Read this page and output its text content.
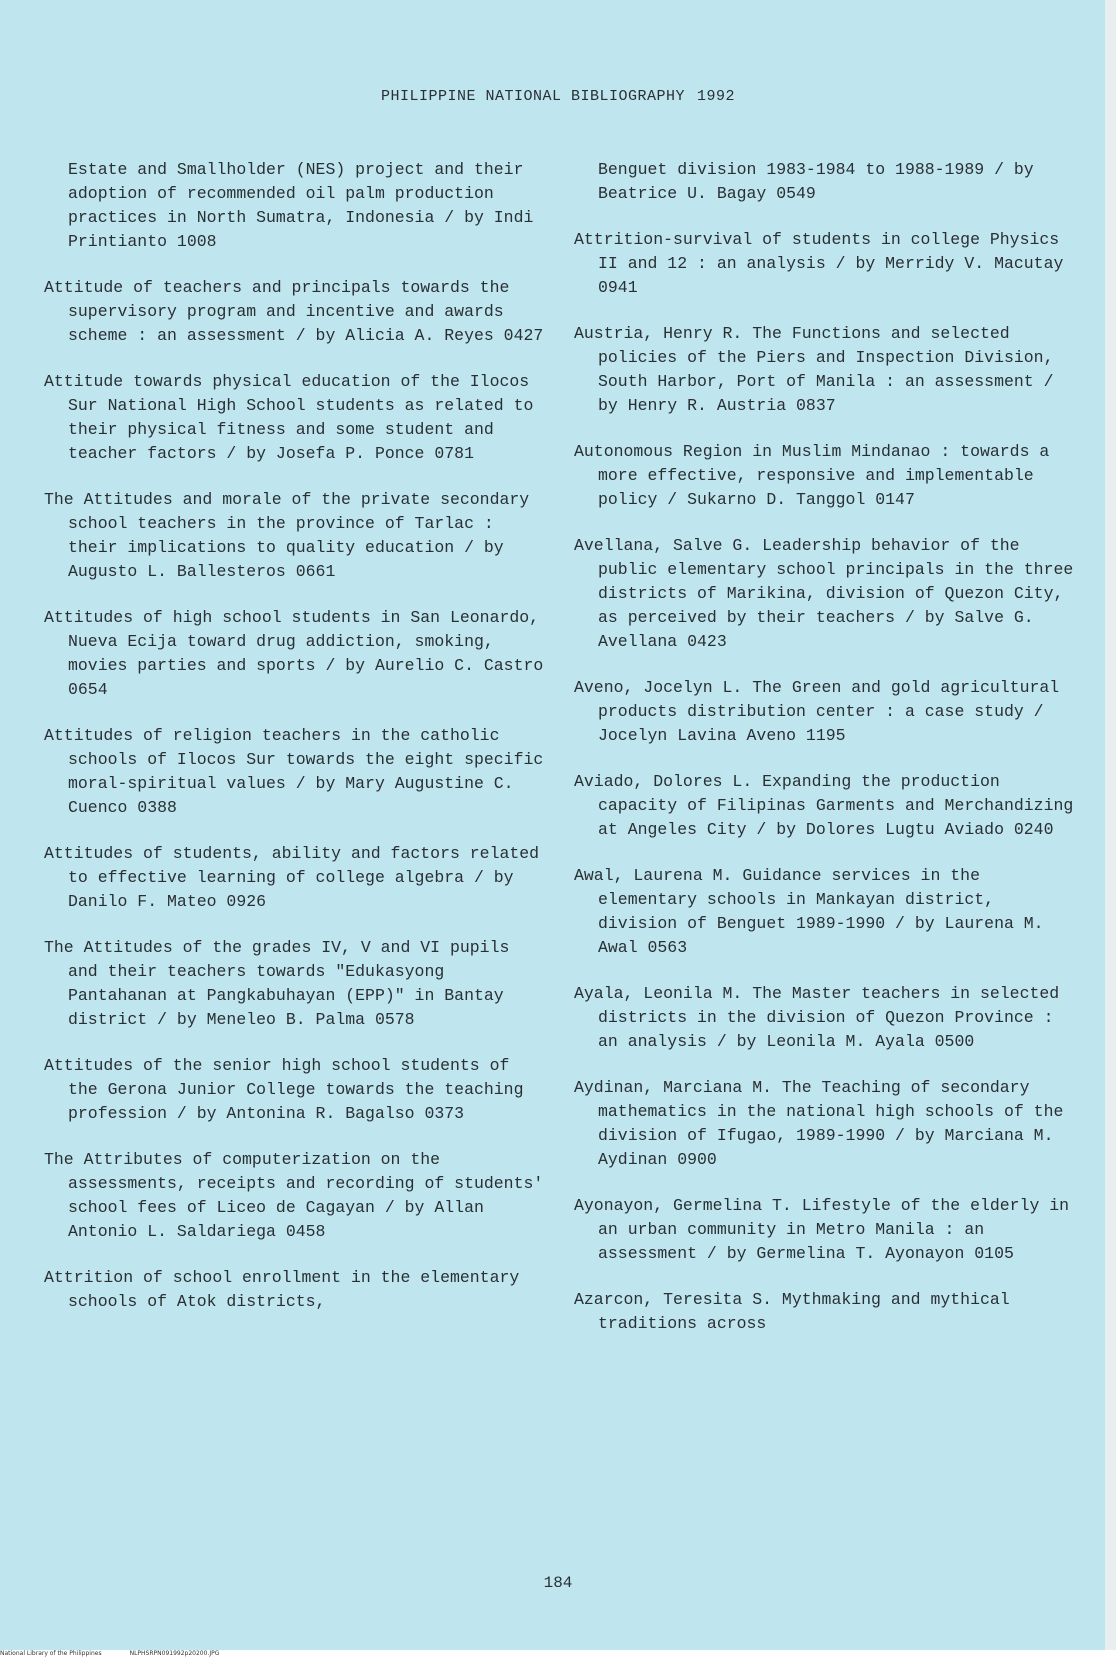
PHILIPPINE NATIONAL BIBLIOGRAPHY 1992

Estate and Smallholder (NES) project and their adoption of recommended oil palm production practices in North Sumatra, Indonesia / by Indi Printianto 1008

Attitude of teachers and principals towards the supervisory program and incentive and awards scheme : an assessment / by Alicia A. Reyes 0427

Attitude towards physical education of the Ilocos Sur National High School students as related to their physical fitness and some student and teacher factors / by Josefa P. Ponce 0781

The Attitudes and morale of the private secondary school teachers in the province of Tarlac : their implications to quality education / by Augusto L. Ballesteros 0661

Attitudes of high school students in San Leonardo, Nueva Ecija toward drug addiction, smoking, movies parties and sports / by Aurelio C. Castro 0654

Attitudes of religion teachers in the catholic schools of Ilocos Sur towards the eight specific moral-spiritual values / by Mary Augustine C. Cuenco 0388

Attitudes of students, ability and factors related to effective learning of college algebra / by Danilo F. Mateo 0926

The Attitudes of the grades IV, V and VI pupils and their teachers towards "Edukasyong Pantahanan at Pangkabuhayan (EPP)" in Bantay district / by Meneleo B. Palma 0578

Attitudes of the senior high school students of the Gerona Junior College towards the teaching profession / by Antonina R. Bagalso 0373

The Attributes of computerization on the assessments, receipts and recording of students' school fees of Liceo de Cagayan / by Allan Antonio L. Saldariega 0458

Attrition of school enrollment in the elementary schools of Atok districts,

Benguet division 1983-1984 to 1988-1989 / by Beatrice U. Bagay 0549

Attrition-survival of students in college Physics II and 12 : an analysis / by Merridy V. Macutay 0941

Austria, Henry R. The Functions and selected policies of the Piers and Inspection Division, South Harbor, Port of Manila : an assessment / by Henry R. Austria 0837

Autonomous Region in Muslim Mindanao : towards a more effective, responsive and implementable policy / Sukarno D. Tanggol 0147

Avellana, Salve G. Leadership behavior of the public elementary school principals in the three districts of Marikina, division of Quezon City, as perceived by their teachers / by Salve G. Avellana 0423

Aveno, Jocelyn L. The Green and gold agricultural products distribution center : a case study / Jocelyn Lavina Aveno 1195

Aviado, Dolores L. Expanding the production capacity of Filipinas Garments and Merchandizing at Angeles City / by Dolores Lugtu Aviado 0240

Awal, Laurena M. Guidance services in the elementary schools in Mankayan district, division of Benguet 1989-1990 / by Laurena M. Awal 0563

Ayala, Leonila M. The Master teachers in selected districts in the division of Quezon Province : an analysis / by Leonila M. Ayala 0500

Aydinan, Marciana M. The Teaching of secondary mathematics in the national high schools of the division of Ifugao, 1989-1990 / by Marciana M. Aydinan 0900

Ayonayon, Germelina T. Lifestyle of the elderly in an urban community in Metro Manila : an assessment / by Germelina T. Ayonayon 0105

Azarcon, Teresita S. Mythmaking and mythical traditions across

184
National Library of the Philippines	NLPHSRPN091992p20200.JPG
